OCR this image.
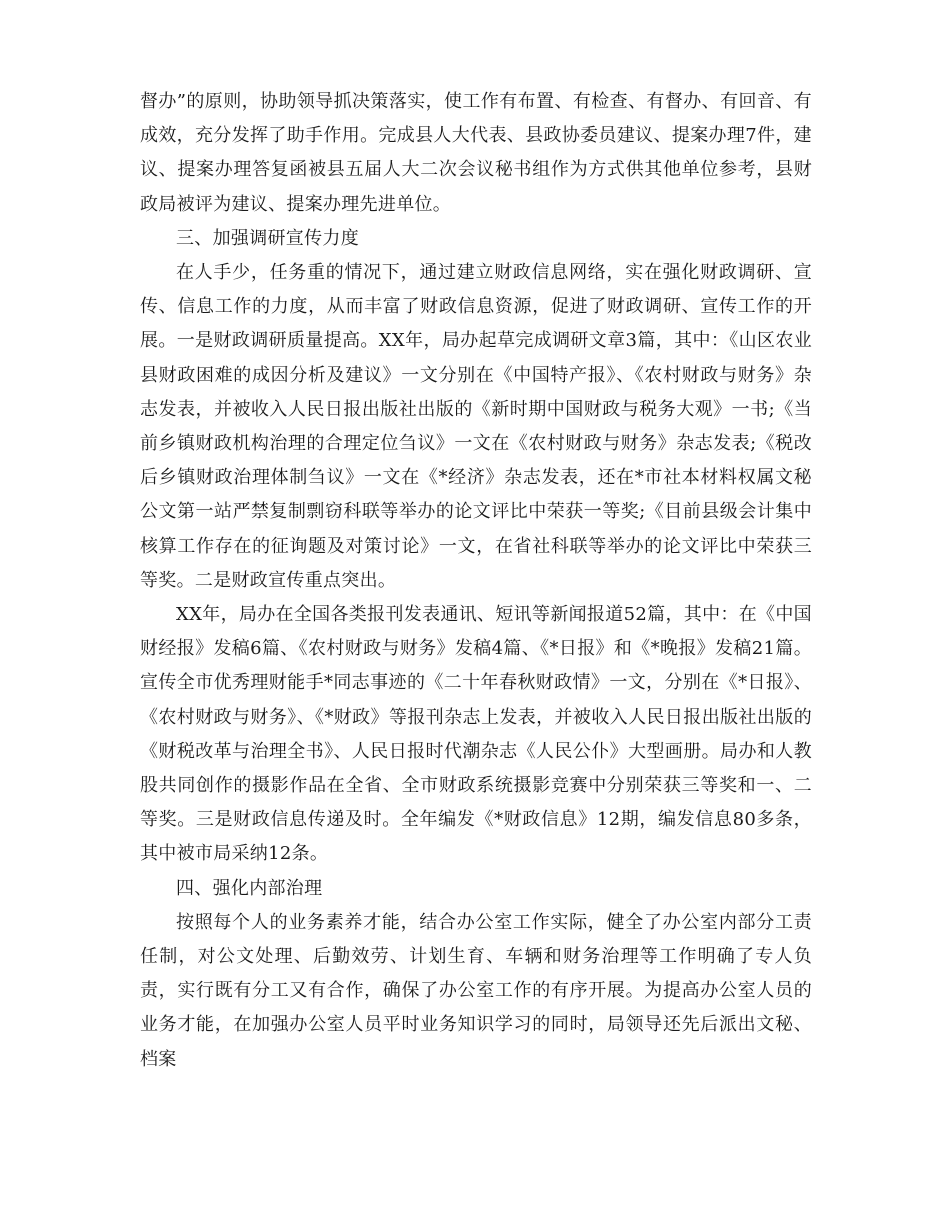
督办”的原则，协助领导抓决策落实，使工作有布置、有检查、有督办、有回音、有成效，充分发挥了助手作用。完成县人大代表、县政协委员建议、提案办理7件，建议、提案办理答复函被县五届人大二次会议秘书组作为方式供其他单位参考，县财政局被评为建议、提案办理先进单位。

三、加强调研宣传力度

在人手少，任务重的情况下，通过建立财政信息网络，实在强化财政调研、宣传、信息工作的力度，从而丰富了财政信息资源，促进了财政调研、宣传工作的开展。一是财政调研质量提高。XX年，局办起草完成调研文章3篇，其中：《山区农业县财政困难的成因分析及建议》一文分别在《中国特产报》、《农村财政与财务》杂志发表，并被收入人民日报出版社出版的《新时期中国财政与税务大观》一书;《当前乡镇财政机构治理的合理定位刍议》一文在《农村财政与财务》杂志发表;《税改后乡镇财政治理体制刍议》一文在《*经济》杂志发表，还在*市社本材料权属文秘公文第一站严禁复制剽窃科联等举办的论文评比中荣获一等奖;《目前县级会计集中核算工作存在的征询题及对策讨论》一文，在省社科联等举办的论文评比中荣获三等奖。二是财政宣传重点突出。

XX年，局办在全国各类报刊发表通讯、短讯等新闻报道52篇，其中：在《中国财经报》发稿6篇、《农村财政与财务》发稿4篇、《*日报》和《*晚报》发稿21篇。宣传全市优秀理财能手*同志事迹的《二十年春秋财政情》一文，分别在《*日报》、《农村财政与财务》、《*财政》等报刊杂志上发表，并被收入人民日报出版社出版的《财税改革与治理全书》、人民日报时代潮杂志《人民公仆》大型画册。局办和人教股共同创作的摄影作品在全省、全市财政系统摄影竞赛中分别荣获三等奖和一、二等奖。三是财政信息传递及时。全年编发《*财政信息》12期，编发信息80多条，其中被市局采纳12条。

四、强化内部治理

按照每个人的业务素养才能，结合办公室工作实际，健全了办公室内部分工责任制，对公文处理、后勤效劳、计划生育、车辆和财务治理等工作明确了专人负责，实行既有分工又有合作，确保了办公室工作的有序开展。为提高办公室人员的业务才能，在加强办公室人员平时业务知识学习的同时，局领导还先后派出文秘、档案
